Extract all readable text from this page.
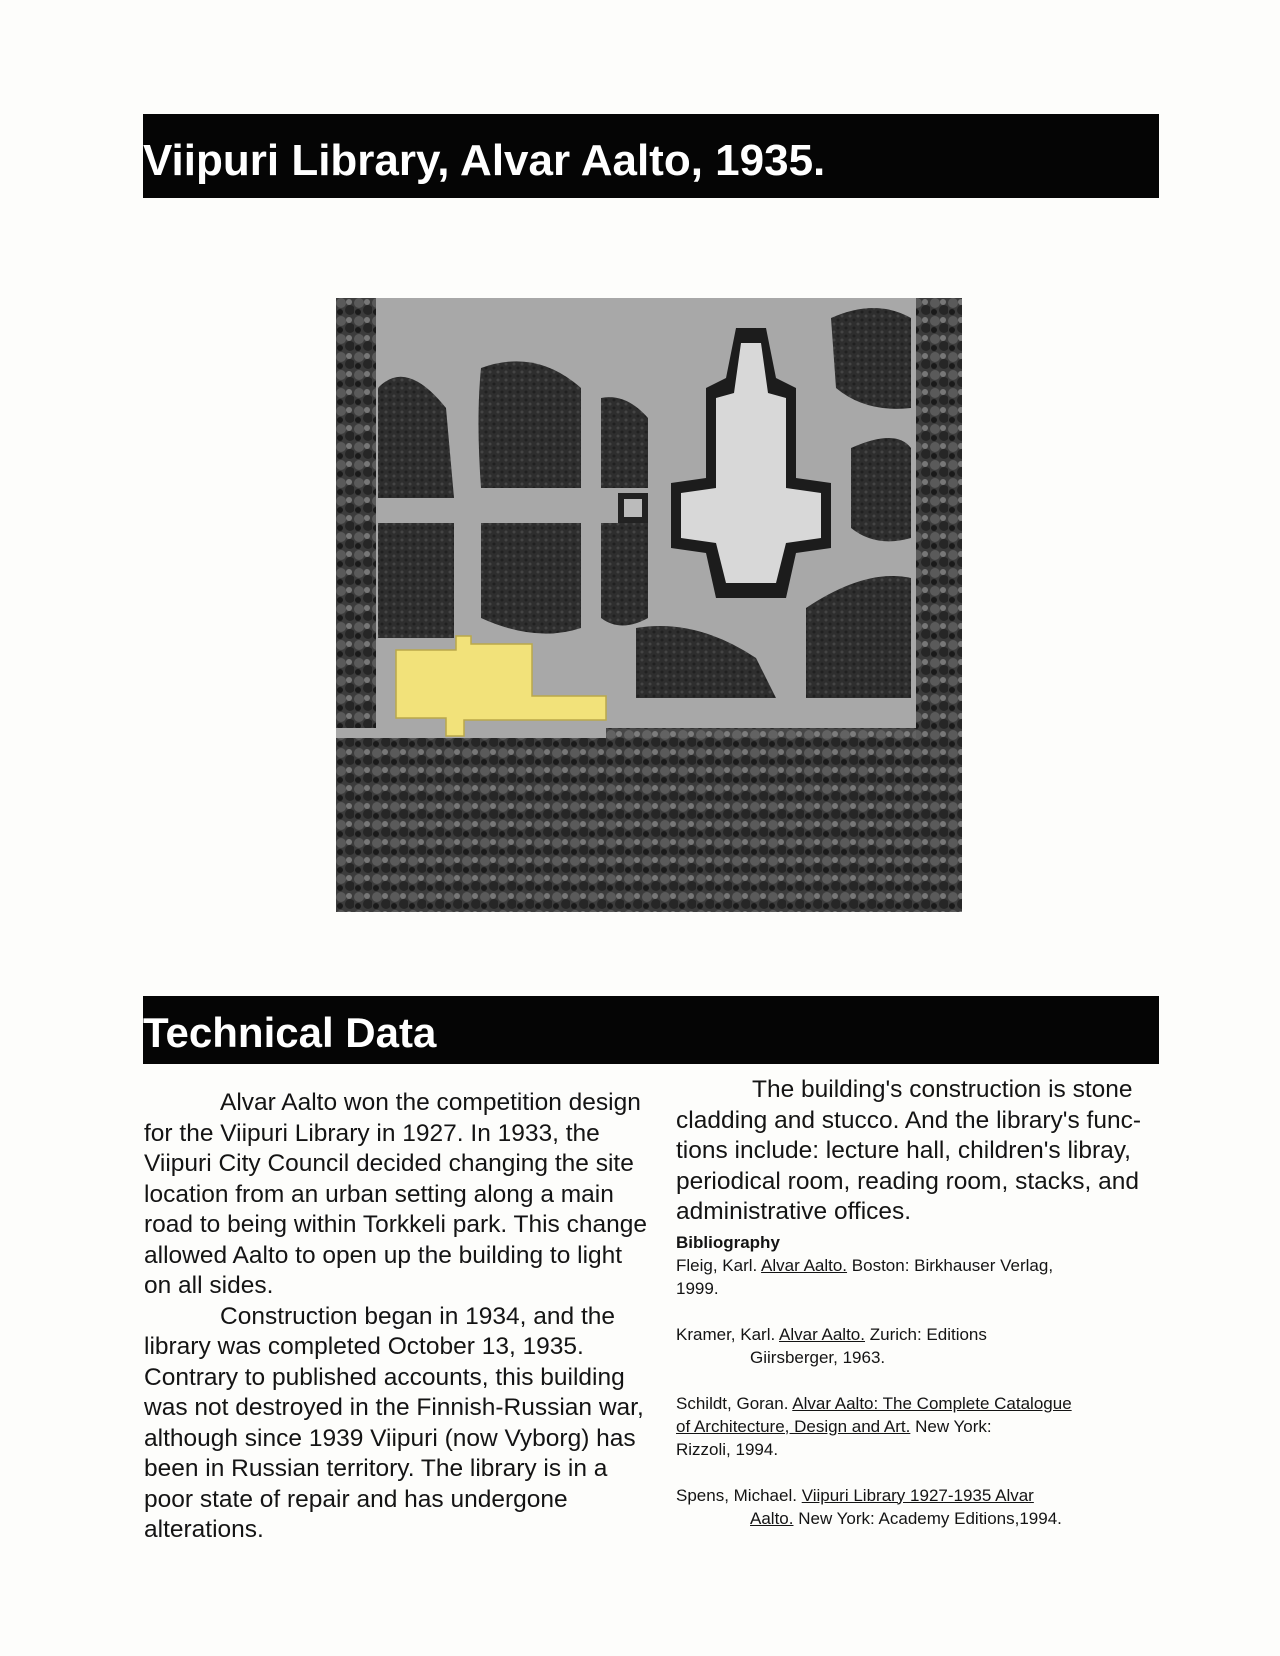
Viipuri Library, Alvar Aalto, 1935.
Technical Data

Alvar Aalto won the competition design for the Viipuri Library in 1927. In 1933, the Viipuri City Council decided changing the site location from an urban setting along a main road to being within Torkkeli park. This change allowed Aalto to open up the building to light on all sides.

Construction began in 1934, and the library was completed October 13, 1935. Contrary to published accounts, this building was not destroyed in the Finnish-Russian war, although since 1939 Viipuri (now Vyborg) has been in Russian territory. The library is in a poor state of repair and has undergone alterations.

The building's construction is stone cladding and stucco. And the library's func-tions include: lecture hall, children's libray, periodical room, reading room, stacks, and administrative offices.

Bibliography

Fleig, Karl. Alvar Aalto. Boston: Birkhauser Verlag,
1999.

Kramer, Karl. Alvar Aalto. Zurich: Editions
Giirsberger, 1963.

Schildt, Goran. Alvar Aalto: The Complete Catalogue
of Architecture, Design and Art. New York:
Rizzoli, 1994.

Spens, Michael. Viipuri Library 1927-1935 Alvar
Aalto. New York: Academy Editions,1994.
